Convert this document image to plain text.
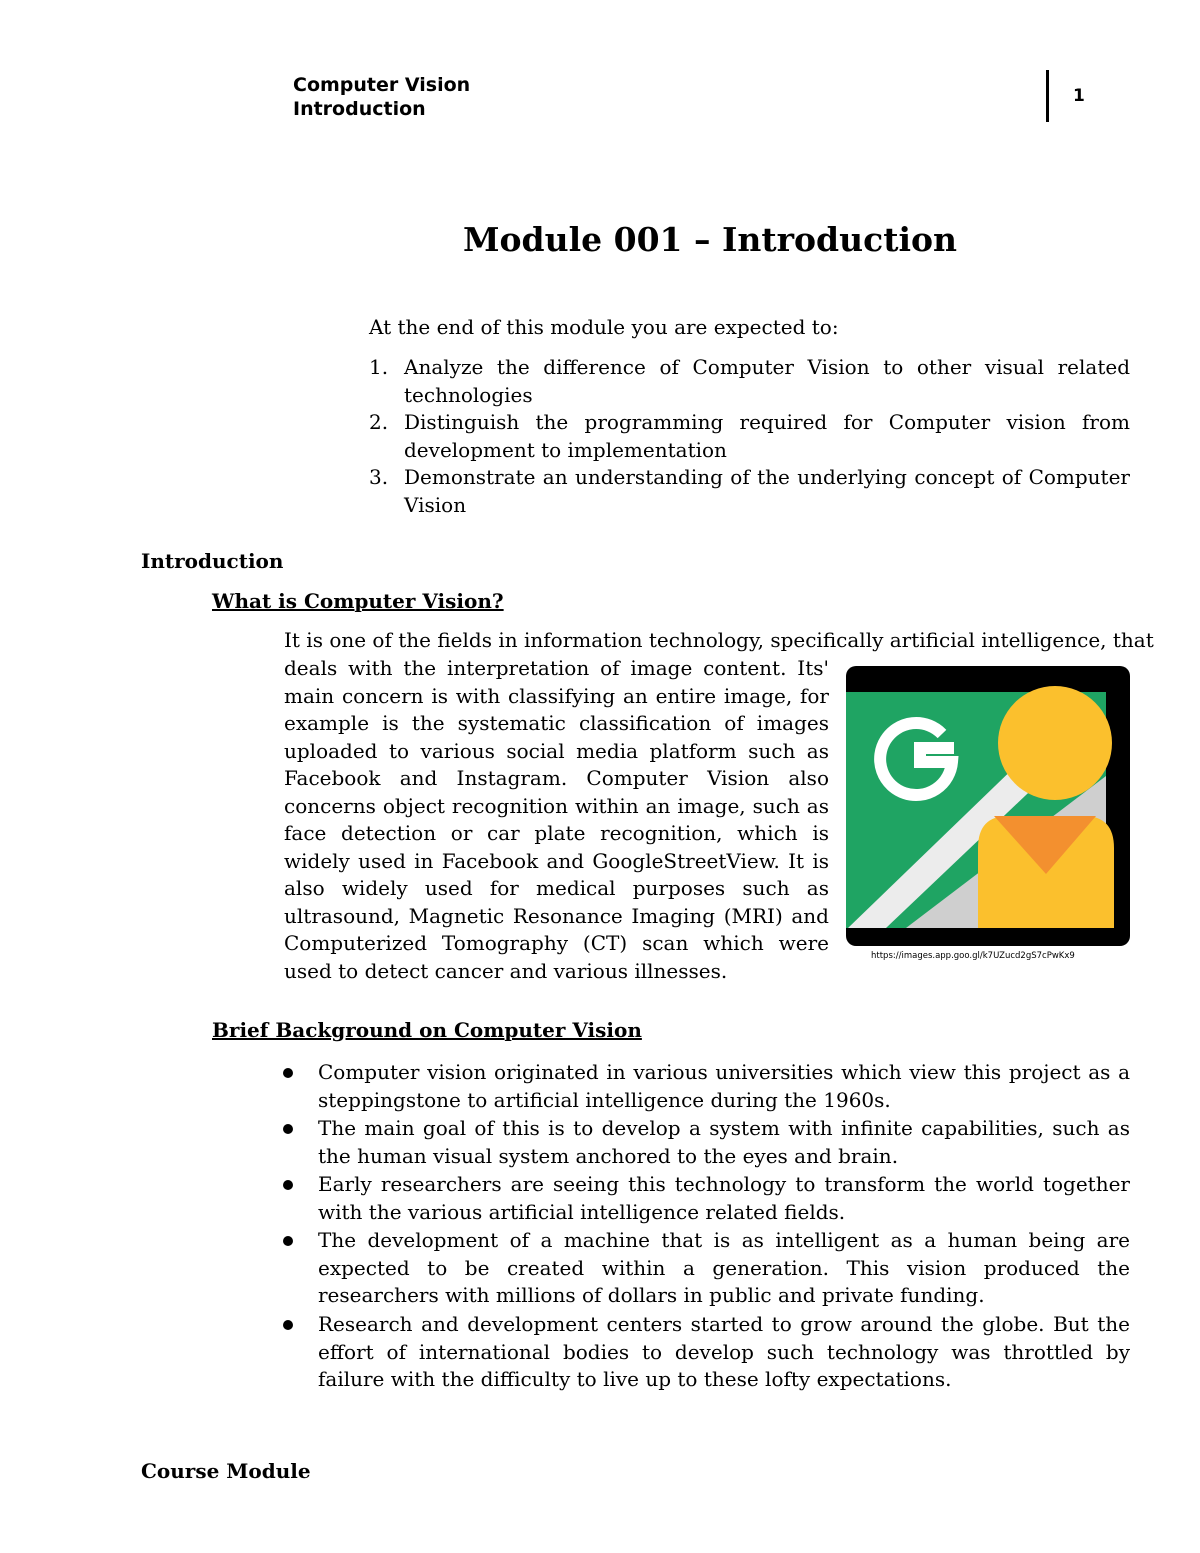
Computer Vision
Introduction
1
Module 001 – Introduction
At the end of this module you are expected to:
1. Analyze the difference of Computer Vision to other visual related technologies
2. Distinguish the programming required for Computer vision from development to implementation
3. Demonstrate an understanding of the underlying concept of Computer Vision
Introduction
What is Computer Vision?
It is one of the fields in information technology, specifically artificial intelligence, that
deals with the interpretation of image content. Its' main concern is with classifying an entire image, for example is the systematic classification of images uploaded to various social media platform such as Facebook and Instagram. Computer Vision also concerns object recognition within an image, such as face detection or car plate recognition, which is widely used in Facebook and GoogleStreetView. It is also widely used for medical purposes such as ultrasound, Magnetic Resonance Imaging (MRI) and Computerized Tomography (CT) scan which were used to detect cancer and various illnesses.
https://images.app.goo.gl/k7UZucd2gS7cPwKx9
Brief Background on Computer Vision
Computer vision originated in various universities which view this project as a steppingstone to artificial intelligence during the 1960s.
The main goal of this is to develop a system with infinite capabilities, such as the human visual system anchored to the eyes and brain.
Early researchers are seeing this technology to transform the world together with the various artificial intelligence related fields.
The development of a machine that is as intelligent as a human being are expected to be created within a generation. This vision produced the researchers with millions of dollars in public and private funding.
Research and development centers started to grow around the globe. But the effort of international bodies to develop such technology was throttled by failure with the difficulty to live up to these lofty expectations.
Course Module
